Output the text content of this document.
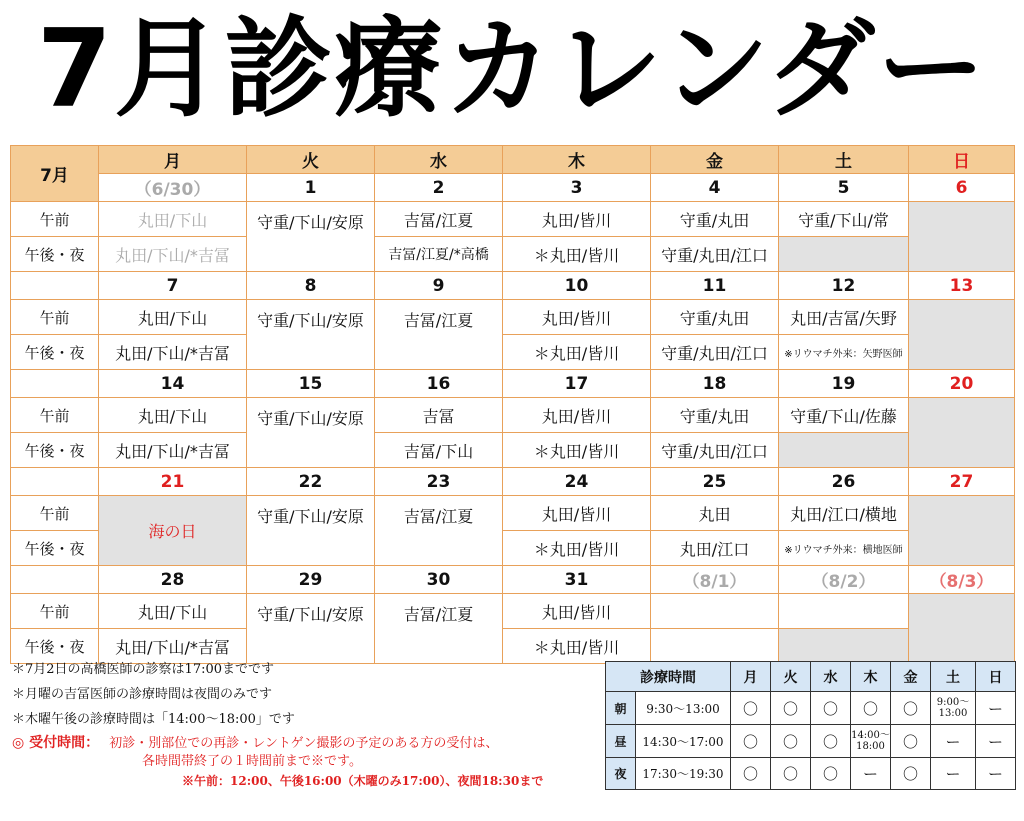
7月診療カレンダー
7月	月	火	水	木	金	土	日
	（6/30）	1	2	3	4	5	6
午前	丸田/下山	守重/下山/安原	吉冨/江夏	丸田/皆川	守重/丸田	守重/下山/常	
午後・夜	丸田/下山/*吉冨		吉冨/江夏/*高橋	＊丸田/皆川	守重/丸田/江口		
	7	8	9	10	11	12	13
午前	丸田/下山	守重/下山/安原	吉冨/江夏	丸田/皆川	守重/丸田	丸田/吉冨/矢野	
午後・夜	丸田/下山/*吉冨			＊丸田/皆川	守重/丸田/江口	※リウマチ外来：矢野医師	
	14	15	16	17	18	19	20
午前	丸田/下山	守重/下山/安原	吉冨	丸田/皆川	守重/丸田	守重/下山/佐藤	
午後・夜	丸田/下山/*吉冨		吉冨/下山	＊丸田/皆川	守重/丸田/江口		
	21	22	23	24	25	26	27
午前	海の日	守重/下山/安原	吉冨/江夏	丸田/皆川	丸田	丸田/江口/横地	
午後・夜				＊丸田/皆川	丸田/江口	※リウマチ外来：横地医師	
	28	29	30	31	（8/1）	（8/2）	（8/3）
午前	丸田/下山	守重/下山/安原	吉冨/江夏	丸田/皆川			
午後・夜	丸田/下山/*吉冨			＊丸田/皆川			
＊7月2日の高橋医師の診察は17:00までです
＊月曜の吉冨医師の診療時間は夜間のみです
＊木曜午後の診療時間は「14:00～18:00」です
◎ 受付時間： 初診・別部位での再診・レントゲン撮影の予定のある方の受付は、
各時間帯終了の１時間前まで※です。
※午前：12:00、午後16:00（木曜のみ17:00）、夜間18:30まで
診療時間		月	火	水	木	金	土	日
朝	9:30～13:00	〇	〇	〇	〇	〇	9:00～13:00	ー
昼	14:30～17:00	〇	〇	〇	14:00～18:00	〇	ー	ー
夜	17:30～19:30	〇	〇	〇	ー	〇	ー	ー
